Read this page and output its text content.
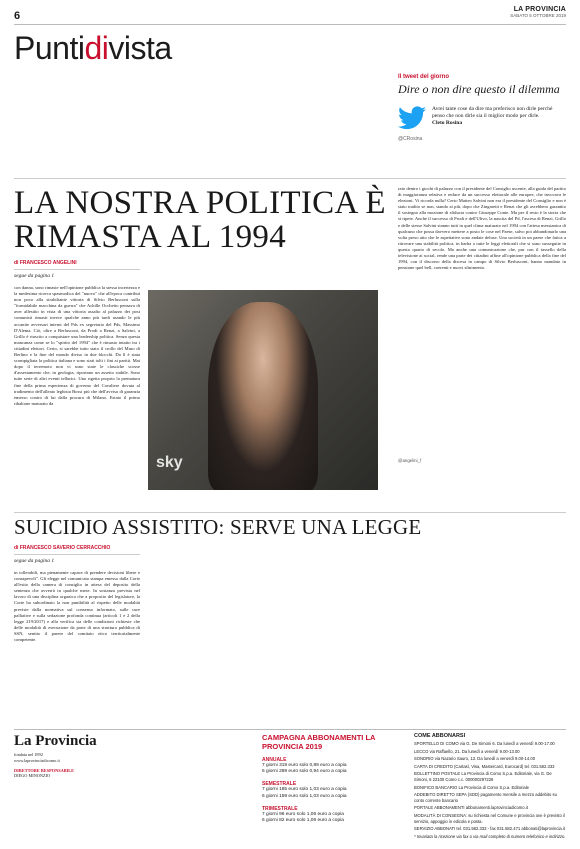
6
LA PROVINCIA
SABATO 5 OTTOBRE 2019
Puntidivista
Il tweet del giorno
Dire o non dire questo il dilemma
Avrei tante cose da dire ma preferisco non dirle perché penso che non dirle sia il miglior modo per dirle.
Cleto Rosina
@CRosina
LA NOSTRA POLITICA È RIMASTA AL 1994
di FRANCESCO ANGELINI
segue da pagina 1
con danna, sono rimaste nell'opinione pubblica la stessa incertezza e la medesima ricerca spasmodica del "nuovo" che all'epoca contribuì non poco alla strabiliante vittoria di Silvio Berlusconi sulla "formidabile macchina da guerra" che Achille Occhetto pensava di aver allestito in vista di una vittoria assalto al palazzo dei post comunisti rimasti invece qualche anno più tardi usando le più accanite avversari interni del Pds ex segretario del Pds, Massimo D'Alema. Ciò, oltre a Berlusconi, da Prodi a Renzi, a Salvini, a Grillo è riuscito a conquistare una leadership politica. Senza questa mancanza come se lo "spirito del 1994" che è rimasto intatto tra i cittadini elettori. Certo, si sarebbe tutto stato il crollo del Muro di Berlino e la fine del mondo diviso in due blocchi. Da lì è stata scompigliata la politica italiana e sono stati tolti i fini ai partiti. Mai dopo il terremoto non vi sono state le classiche scosse d'assestamento che, in geologia, riportano un assetto stabile. Sono tutte serie di altri eventi tellurici. Uno rigetta proprio la prematura fine della prima esperienza di governo del Cavaliere dovuta al tradimento dell'alleato leghista Bossi più che dell'avviso di garanzia emesso contro di lui dalla procura di Milano. Estato il primo ribaltone maturato da
sky
rato dentro i giochi di palazzo con il presidente del Consiglio uscente, alla guida del partito di maggioranza relativa e reduce da un successo elettorale alle europee, che invocava le elezioni. Vi ricorda nulla? Certo Matteo Salvini non era il presidente del Consiglio e non è stato tradito se non, stando ai più, dopo che Zingaretti e Renzi che gli avrebbero garantito il sostegno alla mozione di sfiducia contro Giuseppe Conte. Ma per il resto è la storia che si ripete. Anche il successo di Prodi e dell'Ulivo, la nascita del Pd, l'ascesa di Renzi, Grillo e delle stesse Salvini stanno tutti in quel clima maturato nel 1994 con l'attesa messianica di qualcuno che possa davvero mettere a posto le cose nel Paese, salvo poi abbandonarlo una volta preso atto che le aspettative sono andate deluse. Una società in un paese che fatica a ritrovare una stabilità politica, in barba a tutte le leggi elettorali che si sono susseguite in questo quarto di secolo. Ma anche una comunicazione che, pur con il tassello della televisione ai social, rende una parte dei cittadini affine all'opinione pubblica della fine del 1994, con il discorso della discesa in campo di Silvio Berlusconi, hanno mandato in pensione quel bell, coerenti e nuovi sfinimento.
@angelini_f
SUICIDIO ASSISTITO: SERVE UNA LEGGE
di FRANCESCO SAVERIO CERRACCHIO
segue da pagina 1
in tollerabili, ma pienamente capace di prendere decisioni libere e consapevoli". Gli elegge nel comunicato stampa emesso dalla Corte all'esito della camera di consiglio in attesa del deposito della sentenza che avverrà in qualche mese. In sostanza prevista nel lavoro di una disciplina organica che a proposito del legislatore, la Corte ha subordinato la non punibilità al rispetto delle modalità previste dalla normativa sul consenso informato, sulle cure palliative e sulla sedazione profonda continua (articoli 1 e 2 della legge 219/2017) e alla verifica sia delle condizioni richieste che delle modalità di esecuzione da parte di una struttura pubblica di SSN, sentito il parere del comitato etico territorialmente competente.
La Provincia
fondata nel 1892
www.laprovinciadicomo.it
DIRETTORE RESPONSABILE
DIEGO MINONZIO
CAMPAGNA ABBONAMENTI LA PROVINCIA 2019
ANNUALE
7 giorni 319 euro solo 0,89 euro a copia
6 giorni 289 euro solo 0,94 euro a copia
SEMESTRALE
7 giorni 185 euro solo 1,03 euro a copia
6 giorni 159 euro solo 1,03 euro a copia
TRIMESTRALE
7 giorni 96 euro solo 1,06 euro a copia
6 giorni 82 euro solo 1,06 euro a copia
COME ABBONARSI
SPORTELLO DI COMO via G. De Simoni 6. Da lunedì a venerdì 9.00-17.00
LECCO via Raffaello, 21. Da lunedì a venerdì 9.00-13.00
SONDRIO via Nazario Sauro, 13. Da lunedì a venerdì 9.00-14.00
CARTA DI CREDITO (Cartasì, Visa, Mastercard, Eurocard) tel. 031.582.333
BOLLETTINO POSTALE La Provincia di Como S.p.a. Editoriale, via G. De Simoni, 6 22100 Como c.c. 000000297226
BONIFICO BANCARIO La Provincia di Como S.p.a. Editoriale
ADDEBITO DIRETTO SEPA (SDD) pagamento mensile a mezzo addebito su conto corrente bancario
PORTALE ABBONAMENTI abbonamenti.laprovinciadicomo.it
MODALITÀ DI CONSEGNA: su richiesta nel Comune e provincia ove è previsto il servizio, appoggio in edicola e posta.
SERVIZIO ABBONATI tel. 031.582.333 - fax 031.582.471 abbonati@laprovincia.it
* Invariata la ricezione via fax o via mail completo di numero telefonico e indirizzo.
